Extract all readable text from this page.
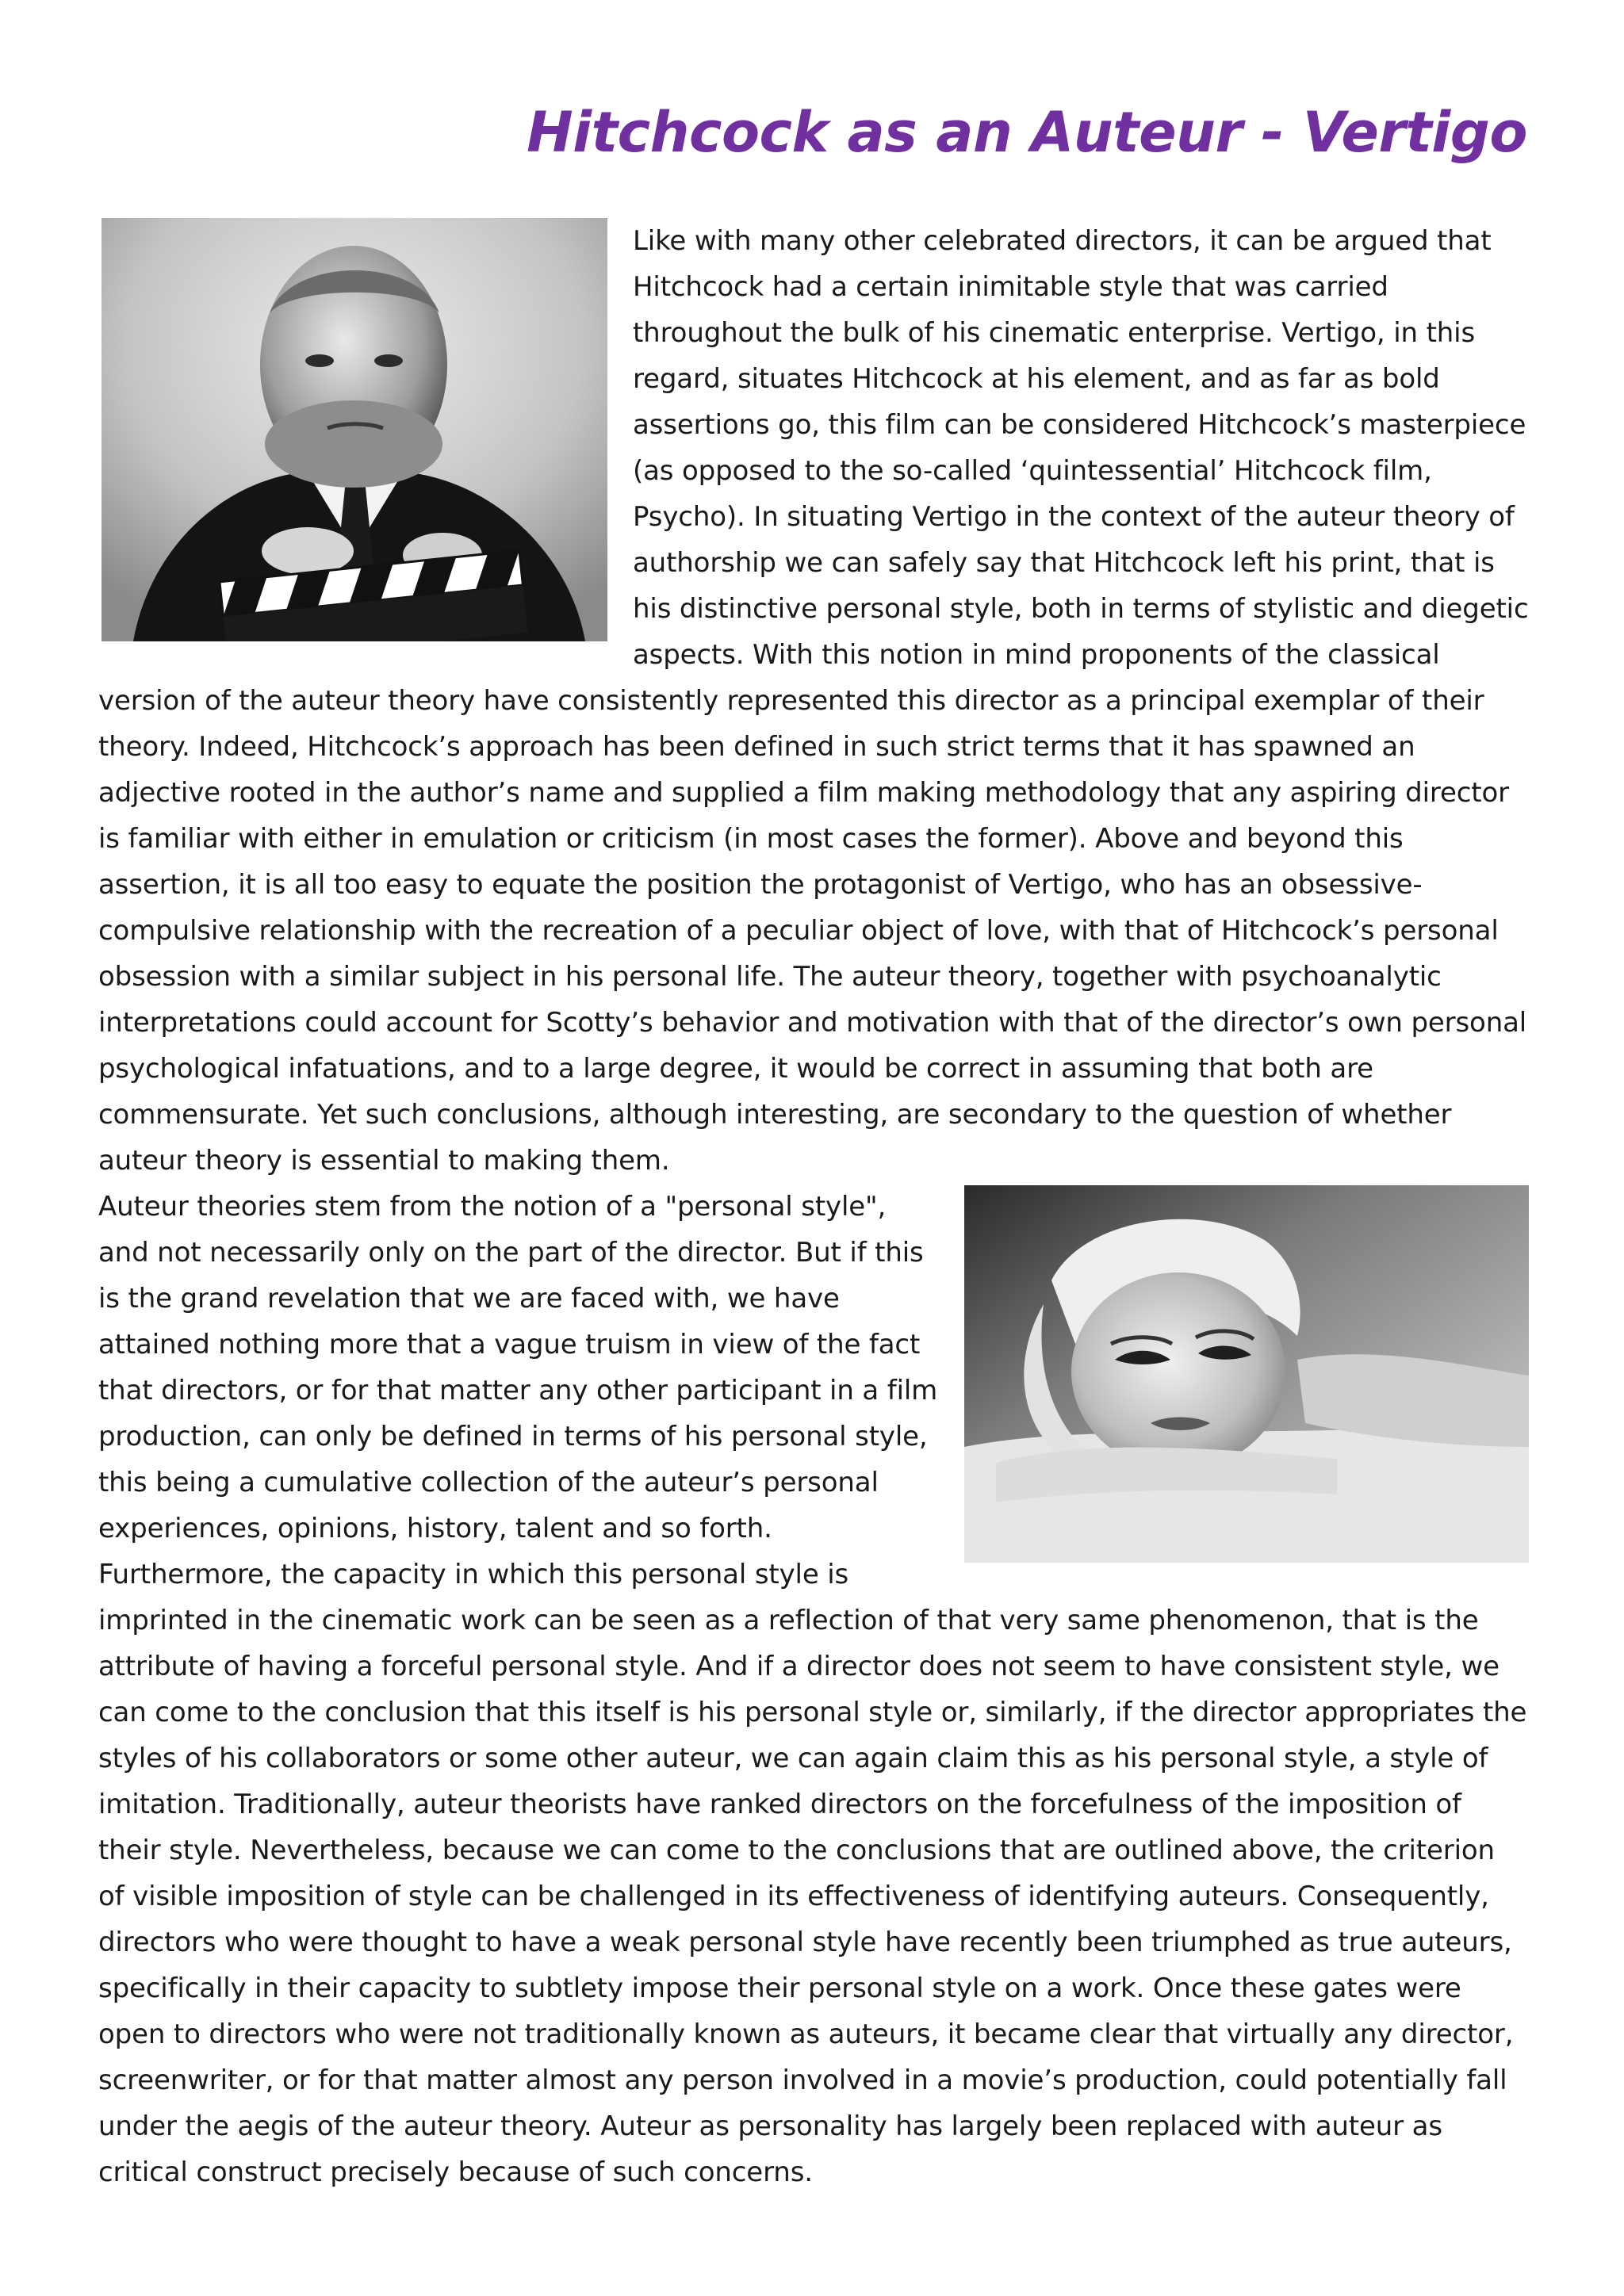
Hitchcock as an Auteur - Vertigo

Like with many other celebrated directors, it can be argued that Hitchcock had a certain inimitable style that was carried throughout the bulk of his cinematic enterprise. Vertigo, in this regard, situates Hitchcock at his element, and as far as bold assertions go, this film can be considered Hitchcock’s masterpiece (as opposed to the so-called ‘quintessential’ Hitchcock film, Psycho). In situating Vertigo in the context of the auteur theory of authorship we can safely say that Hitchcock left his print, that is his distinctive personal style, both in terms of stylistic and diegetic aspects. With this notion in mind proponents of the classical version of the auteur theory have consistently represented this director as a principal exemplar of their theory. Indeed, Hitchcock’s approach has been defined in such strict terms that it has spawned an adjective rooted in the author’s name and supplied a film making methodology that any aspiring director is familiar with either in emulation or criticism (in most cases the former). Above and beyond this assertion, it is all too easy to equate the position the protagonist of Vertigo, who has an obsessive-compulsive relationship with the recreation of a peculiar object of love, with that of Hitchcock’s personal obsession with a similar subject in his personal life. The auteur theory, together with psychoanalytic interpretations could account for Scotty’s behavior and motivation with that of the director’s own personal psychological infatuations, and to a large degree, it would be correct in assuming that both are commensurate. Yet such conclusions, although interesting, are secondary to the question of whether auteur theory is essential to making them.

Auteur theories stem from the notion of a "personal style", and not necessarily only on the part of the director. But if this is the grand revelation that we are faced with, we have attained nothing more that a vague truism in view of the fact that directors, or for that matter any other participant in a film production, can only be defined in terms of his personal style, this being a cumulative collection of the auteur’s personal experiences, opinions, history, talent and so forth. Furthermore, the capacity in which this personal style is imprinted in the cinematic work can be seen as a reflection of that very same phenomenon, that is the attribute of having a forceful personal style. And if a director does not seem to have consistent style, we can come to the conclusion that this itself is his personal style or, similarly, if the director appropriates the styles of his collaborators or some other auteur, we can again claim this as his personal style, a style of imitation. Traditionally, auteur theorists have ranked directors on the forcefulness of the imposition of their style. Nevertheless, because we can come to the conclusions that are outlined above, the criterion of visible imposition of style can be challenged in its effectiveness of identifying auteurs. Consequently, directors who were thought to have a weak personal style have recently been triumphed as true auteurs, specifically in their capacity to subtlety impose their personal style on a work. Once these gates were open to directors who were not traditionally known as auteurs, it became clear that virtually any director, screenwriter, or for that matter almost any person involved in a movie’s production, could potentially fall under the aegis of the auteur theory. Auteur as personality has largely been replaced with auteur as critical construct precisely because of such concerns.
